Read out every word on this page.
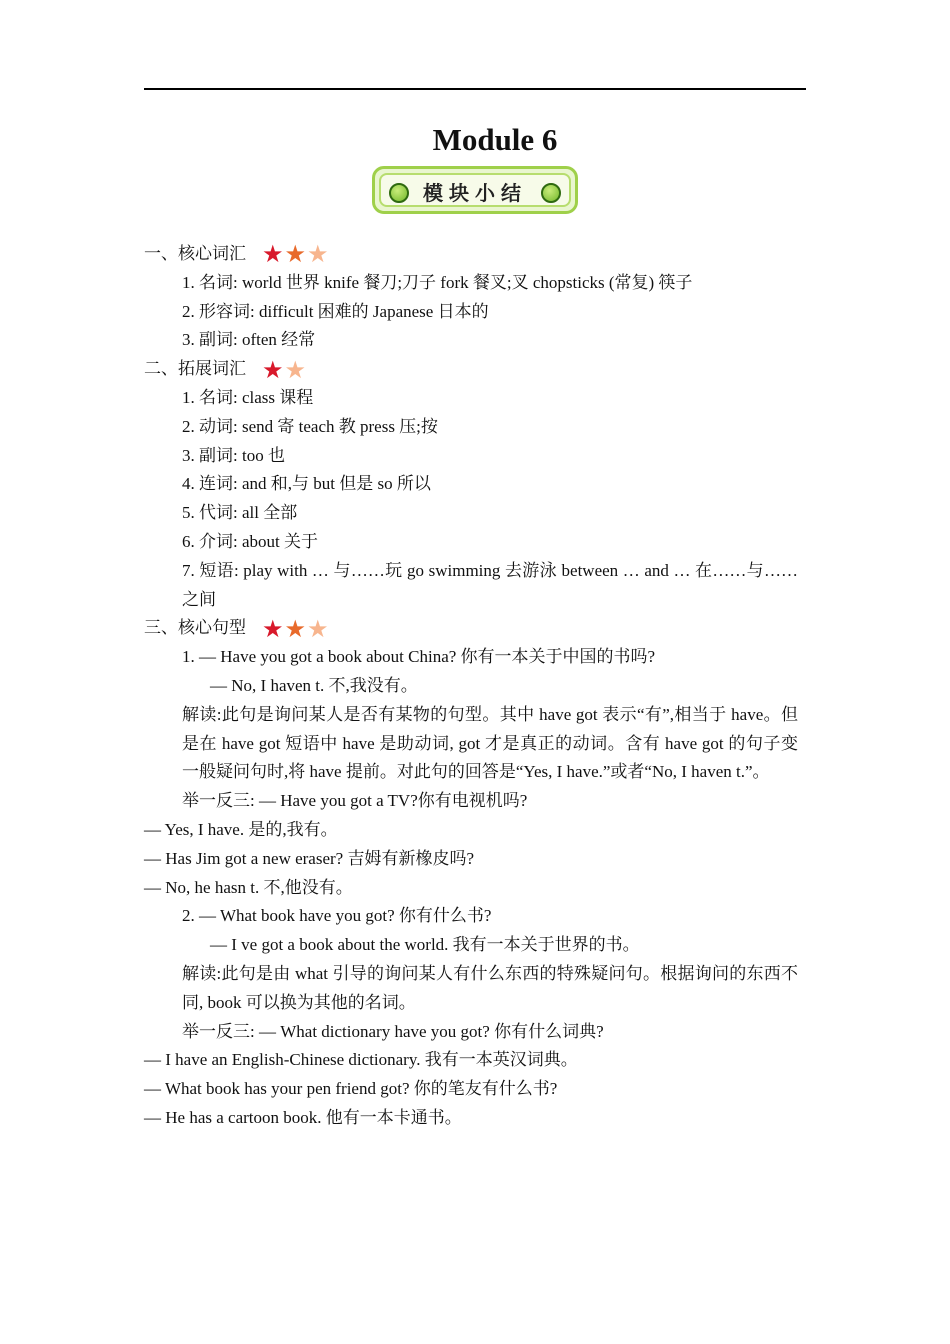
Module 6
模块小结
一、核心词汇 ★ ★ ★
1. 名词: world 世界 knife 餐刀;刀子 fork 餐叉;叉 chopsticks (常复) 筷子
2. 形容词: difficult 困难的 Japanese 日本的
3. 副词: often 经常
二、拓展词汇 ★ ★
1. 名词: class 课程
2. 动词: send 寄 teach 教 press 压;按
3. 副词: too 也
4. 连词: and 和,与 but 但是 so 所以
5. 代词: all 全部
6. 介词: about 关于
7. 短语: play with … 与……玩 go swimming 去游泳 between … and … 在……与……之间
三、核心句型 ★ ★ ★
1. — Have you got a book about China? 你有一本关于中国的书吗?
— No, I haven t. 不,我没有。
解读:此句是询问某人是否有某物的句型。其中 have got 表示“有”,相当于 have。但是在 have got 短语中 have 是助动词, got 才是真正的动词。含有 have got 的句子变一般疑问句时,将 have 提前。对此句的回答是“Yes, I have.”或者“No, I haven t.”。
举一反三: — Have you got a TV?你有电视机吗?
— Yes, I have. 是的,我有。
— Has Jim got a new eraser? 吉姆有新橡皮吗?
— No, he hasn t. 不,他没有。
2. — What book have you got? 你有什么书?
— I ve got a book about the world. 我有一本关于世界的书。
解读:此句是由 what 引导的询问某人有什么东西的特殊疑问句。根据询问的东西不同, book 可以换为其他的名词。
举一反三: — What dictionary have you got? 你有什么词典?
— I have an English-Chinese dictionary. 我有一本英汉词典。
— What book has your pen friend got? 你的笔友有什么书?
— He has a cartoon book. 他有一本卡通书。
